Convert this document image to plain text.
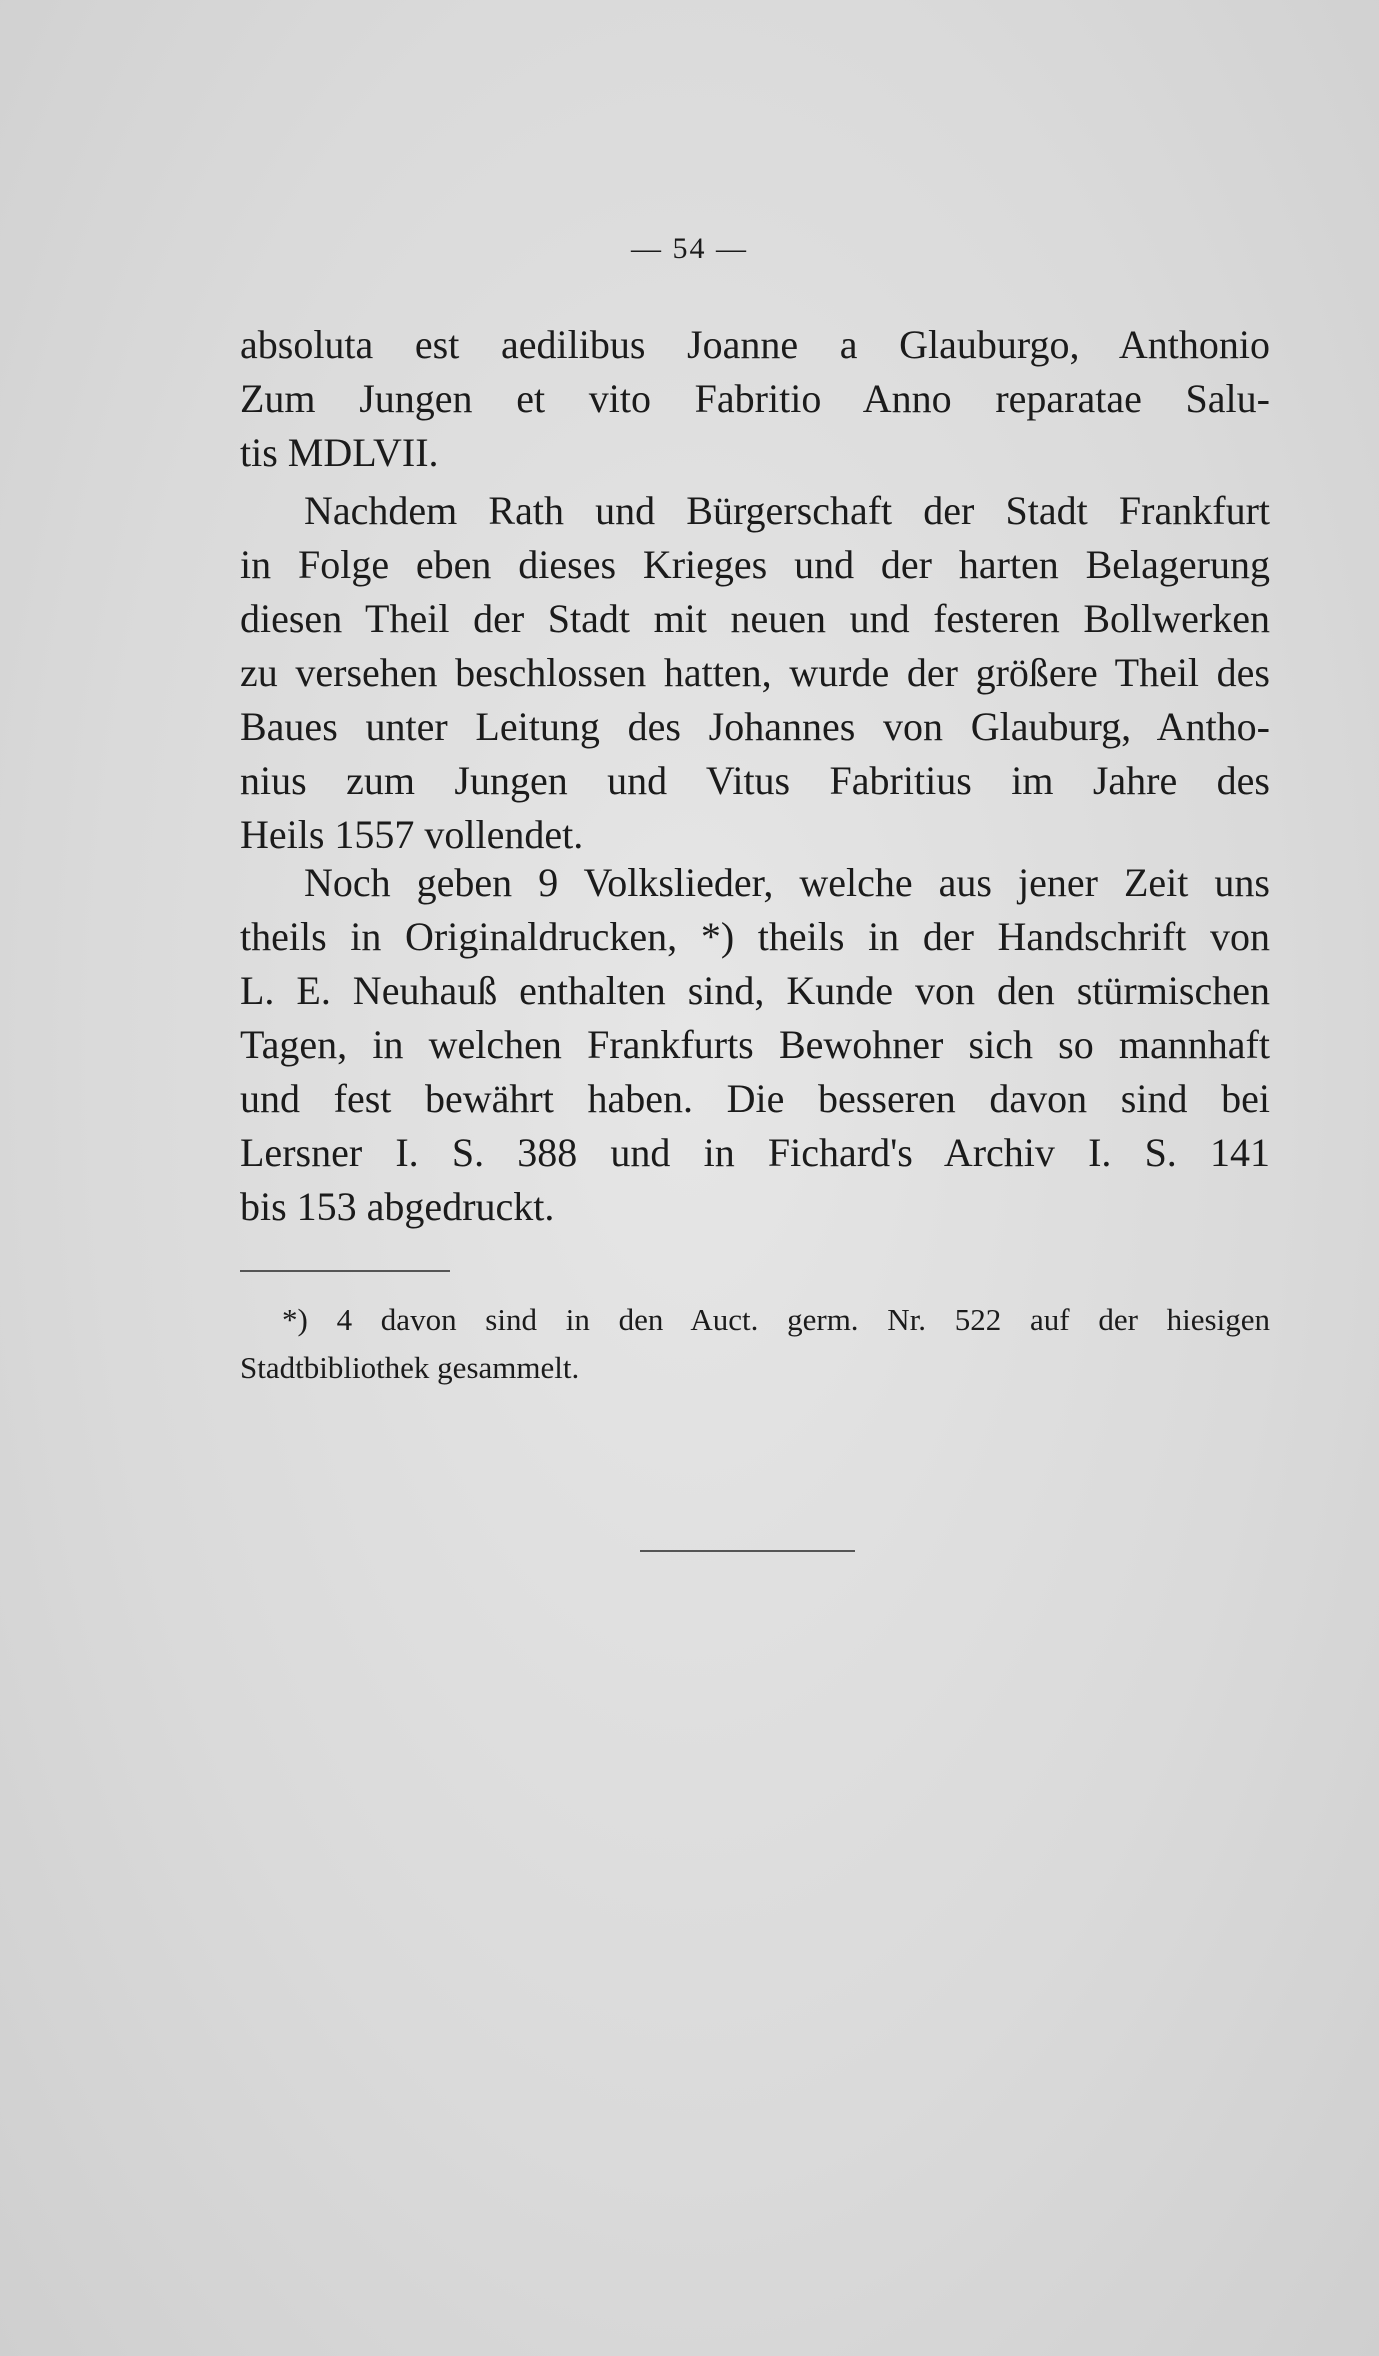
— 54 —
absoluta est aedilibus Joanne a Glauburgo, Anthonio
Zum Jungen et vito Fabritio Anno reparatae Salu-
tis MDLVII.
Nachdem Rath und Bürgerschaft der Stadt Frankfurt
in Folge eben dieses Krieges und der harten Belagerung
diesen Theil der Stadt mit neuen und festeren Bollwerken
zu versehen beschlossen hatten, wurde der größere Theil des
Baues unter Leitung des Johannes von Glauburg, Antho-
nius zum Jungen und Vitus Fabritius im Jahre des
Heils 1557 vollendet.
Noch geben 9 Volkslieder, welche aus jener Zeit uns
theils in Originaldrucken, *) theils in der Handschrift von
L. E. Neuhauß enthalten sind, Kunde von den stürmischen
Tagen, in welchen Frankfurts Bewohner sich so mannhaft
und fest bewährt haben. Die besseren davon sind bei
Lersner I. S. 388 und in Fichard's Archiv I. S. 141
bis 153 abgedruckt.
*) 4 davon sind in den Auct. germ. Nr. 522 auf der hiesigen
Stadtbibliothek gesammelt.
